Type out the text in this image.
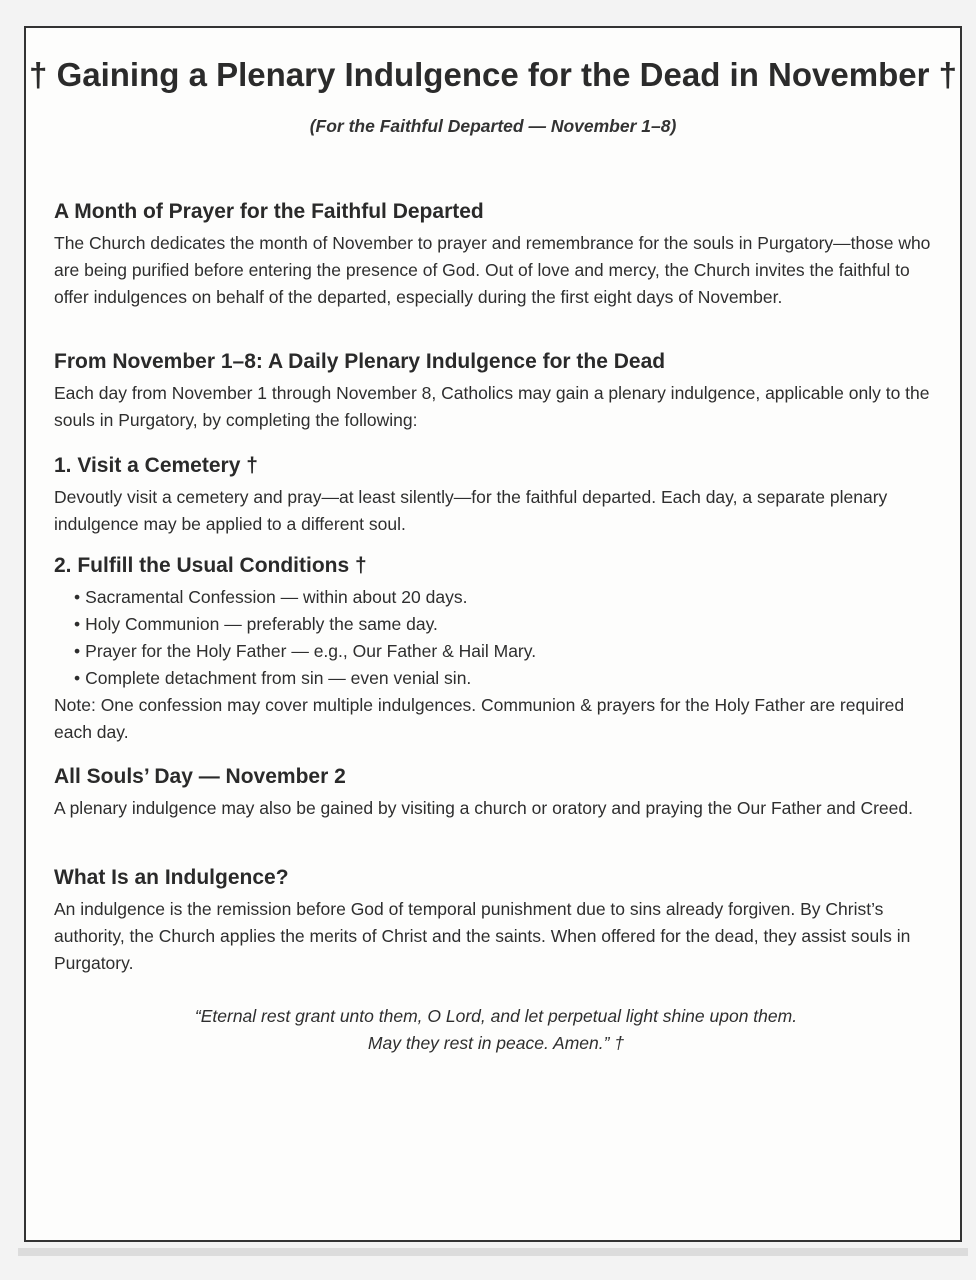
† Gaining a Plenary Indulgence for the Dead in November †
(For the Faithful Departed — November 1–8)
A Month of Prayer for the Faithful Departed

The Church dedicates the month of November to prayer and remembrance for the souls in Purgatory—those who are being purified before entering the presence of God. Out of love and mercy, the Church invites the faithful to offer indulgences on behalf of the departed, especially during the first eight days of November.

From November 1–8: A Daily Plenary Indulgence for the Dead

Each day from November 1 through November 8, Catholics may gain a plenary indulgence, applicable only to the souls in Purgatory, by completing the following:

1. Visit a Cemetery †

Devoutly visit a cemetery and pray—at least silently—for the faithful departed. Each day, a separate plenary indulgence may be applied to a different soul.

2. Fulfill the Usual Conditions †
• Sacramental Confession — within about 20 days.
• Holy Communion — preferably the same day.
• Prayer for the Holy Father — e.g., Our Father & Hail Mary.
• Complete detachment from sin — even venial sin.

Note: One confession may cover multiple indulgences. Communion & prayers for the Holy Father are required each day.

All Souls’ Day — November 2

A plenary indulgence may also be gained by visiting a church or oratory and praying the Our Father and Creed.

What Is an Indulgence?

An indulgence is the remission before God of temporal punishment due to sins already forgiven. By Christ’s authority, the Church applies the merits of Christ and the saints. When offered for the dead, they assist souls in Purgatory.

“Eternal rest grant unto them, O Lord, and let perpetual light shine upon them.
May they rest in peace. Amen.” †
